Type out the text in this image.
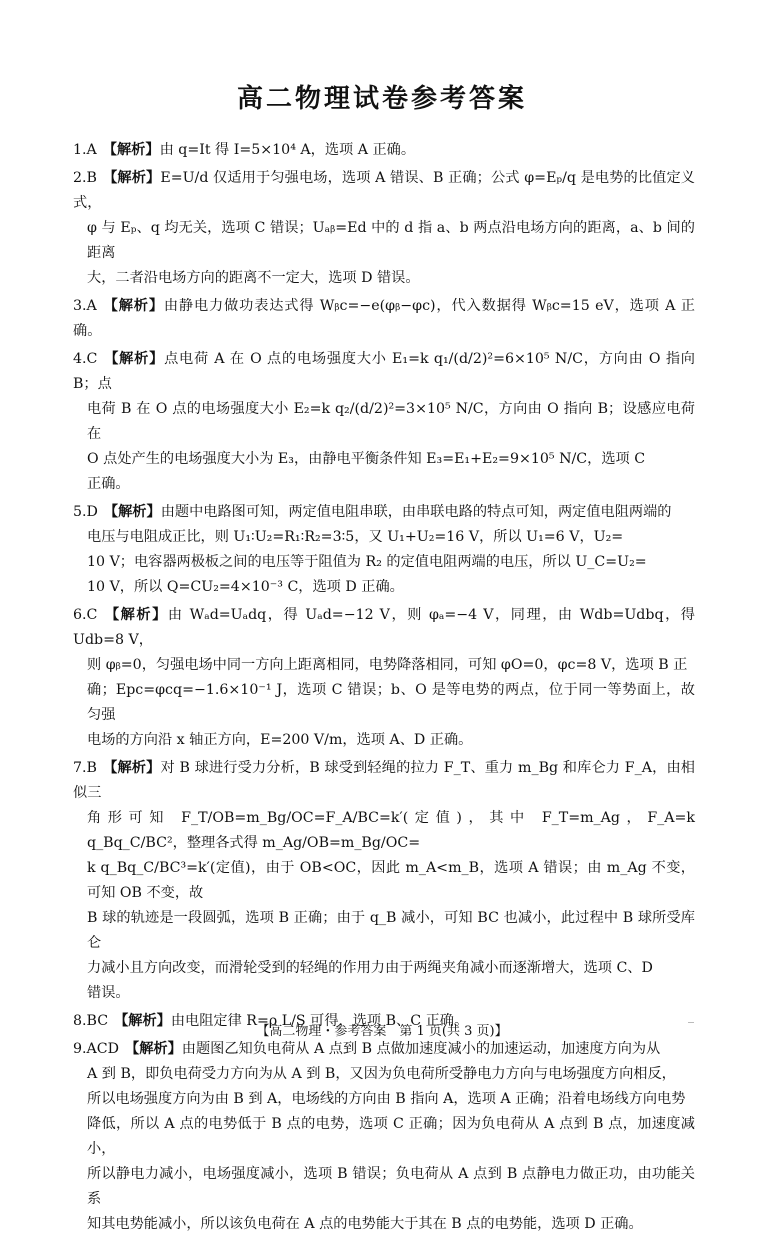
高二物理试卷参考答案
1.A 【解析】由 q=It 得 I=5×10⁴ A，选项 A 正确。
2.B 【解析】E=U/d 仅适用于匀强电场，选项 A 错误、B 正确；公式 φ=Eₚ/q 是电势的比值定义式，
φ 与 Eₚ、q 均无关，选项 C 错误；Uₐᵦ=Ed 中的 d 指 a、b 两点沿电场方向的距离，a、b 间的距离
大，二者沿电场方向的距离不一定大，选项 D 错误。
3.A 【解析】由静电力做功表达式得 Wᵦc=−e(φᵦ−φc)，代入数据得 Wᵦc=15 eV，选项 A 正确。
4.C 【解析】点电荷 A 在 O 点的电场强度大小 E₁=k q₁/(d/2)²=6×10⁵ N/C，方向由 O 指向 B；点
电荷 B 在 O 点的电场强度大小 E₂=k q₂/(d/2)²=3×10⁵ N/C，方向由 O 指向 B；设感应电荷在
O 点处产生的电场强度大小为 E₃，由静电平衡条件知 E₃=E₁+E₂=9×10⁵ N/C，选项 C
正确。
5.D 【解析】由题中电路图可知，两定值电阻串联，由串联电路的特点可知，两定值电阻两端的
电压与电阻成正比，则 U₁∶U₂=R₁∶R₂=3∶5，又 U₁+U₂=16 V，所以 U₁=6 V，U₂=
10 V；电容器两极板之间的电压等于阻值为 R₂ 的定值电阻两端的电压，所以 U_C=U₂=
10 V，所以 Q=CU₂=4×10⁻³ C，选项 D 正确。
6.C 【解析】由 Wₐd=Uₐdq，得 Uₐd=−12 V，则 φₐ=−4 V，同理，由 Wdb=Udbq，得 Udb=8 V，
则 φᵦ=0，匀强电场中同一方向上距离相同，电势降落相同，可知 φO=0，φc=8 V，选项 B 正
确；Epc=φcq=−1.6×10⁻¹ J，选项 C 错误；b、O 是等电势的两点，位于同一等势面上，故匀强
电场的方向沿 x 轴正方向，E=200 V/m，选项 A、D 正确。
7.B 【解析】对 B 球进行受力分析，B 球受到轻绳的拉力 F_T、重力 m_Bg 和库仑力 F_A，由相似三
角形可知 F_T/OB=m_Bg/OC=F_A/BC=k′(定值)，其中 F_T=m_Ag，F_A=k q_Bq_C/BC²，整理各式得 m_Ag/OB=m_Bg/OC=
k q_Bq_C/BC³=k′(定值)，由于 OB<OC，因此 m_A<m_B，选项 A 错误；由 m_Ag 不变，可知 OB 不变，故
B 球的轨迹是一段圆弧，选项 B 正确；由于 q_B 减小，可知 BC 也减小，此过程中 B 球所受库仑
力减小且方向改变，而滑轮受到的轻绳的作用力由于两绳夹角减小而逐渐增大，选项 C、D
错误。
8.BC 【解析】由电阻定律 R=ρ L/S 可得，选项 B、C 正确。
9.ACD 【解析】由题图乙知负电荷从 A 点到 B 点做加速度减小的加速运动，加速度方向为从
A 到 B，即负电荷受力方向为从 A 到 B，又因为负电荷所受静电力方向与电场强度方向相反，
所以电场强度方向为由 B 到 A，电场线的方向由 B 指向 A，选项 A 正确；沿着电场线方向电势
降低，所以 A 点的电势低于 B 点的电势，选项 C 正确；因为负电荷从 A 点到 B 点，加速度减小，
所以静电力减小，电场强度减小，选项 B 错误；负电荷从 A 点到 B 点静电力做正功，由功能关系
知其电势能减小，所以该负电荷在 A 点的电势能大于其在 B 点的电势能，选项 D 正确。
【高二物理・参考答案　第 1 页(共 3 页)】
